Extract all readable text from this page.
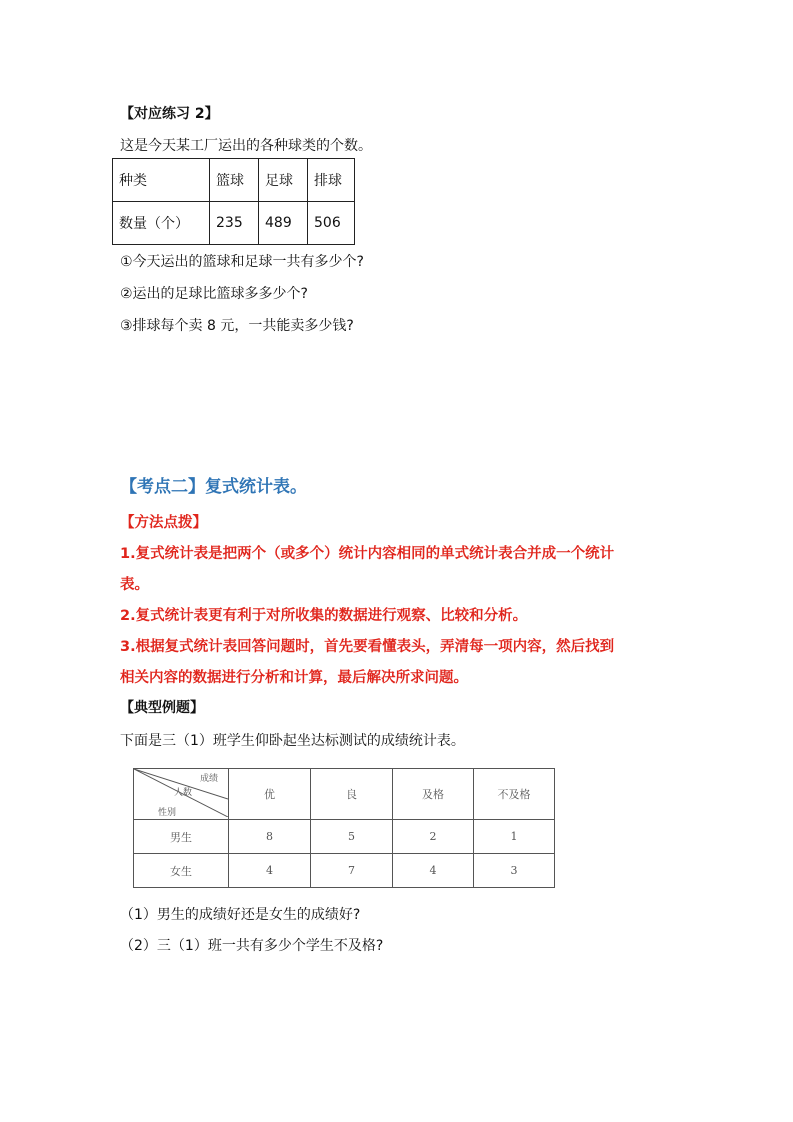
【对应练习 2】
这是今天某工厂运出的各种球类的个数。
种类	篮球	足球	排球
数量（个）	235	489	506
①今天运出的篮球和足球一共有多少个?
②运出的足球比篮球多多少个?
③排球每个卖 8 元，一共能卖多少钱?
【考点二】复式统计表。
【方法点拨】
1.复式统计表是把两个（或多个）统计内容相同的单式统计表合并成一个统计
表。
2.复式统计表更有利于对所收集的数据进行观察、比较和分析。
3.根据复式统计表回答问题时，首先要看懂表头，弄清每一项内容，然后找到
相关内容的数据进行分析和计算，最后解决所求问题。
【典型例题】
下面是三（1）班学生仰卧起坐达标测试的成绩统计表。
成绩
人数
性别	优	良	及格	不及格
男生	8	5	2	1
女生	4	7	4	3
（1）男生的成绩好还是女生的成绩好?
（2）三（1）班一共有多少个学生不及格?
